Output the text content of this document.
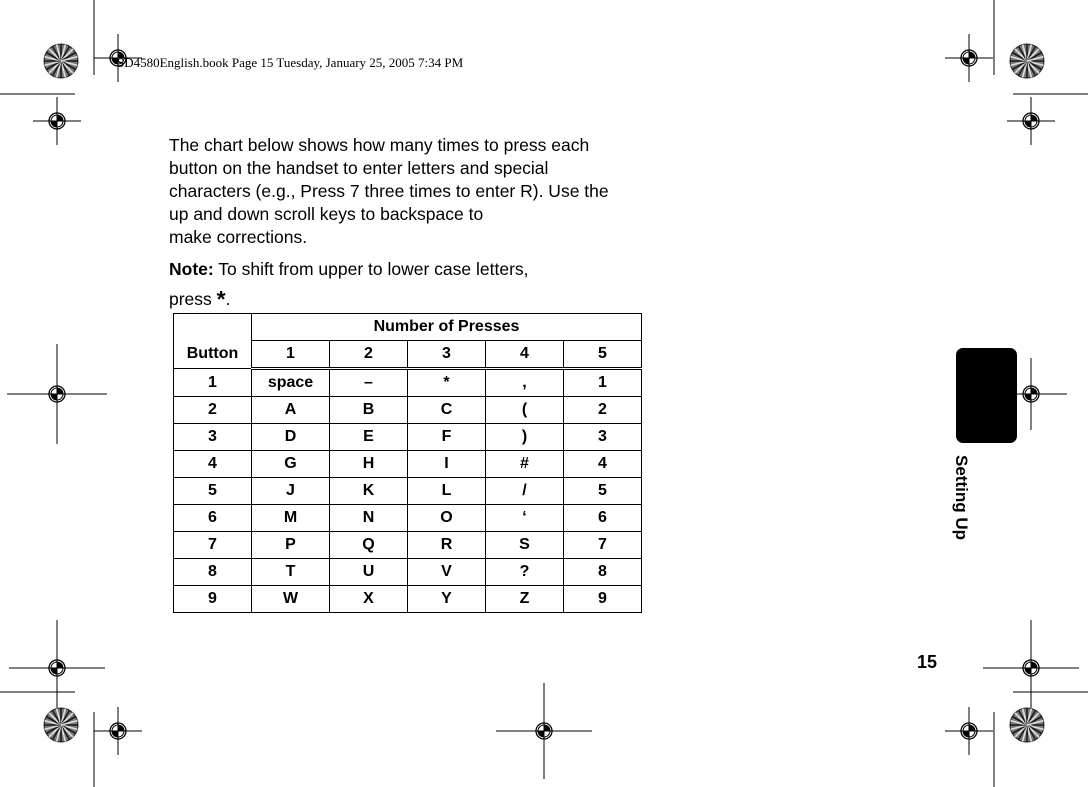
SD4580English.book Page 15 Tuesday, January 25, 2005 7:34 PM

The chart below shows how many times to press each

button on the handset to enter letters and special

characters (e.g., Press 7 three times to enter R). Use the

up and down scroll keys to backspace to

make corrections.

Note: To shift from upper to lower case letters,
press *.
Button	Number of Presses				
	1	2	3	4	5
1	space	–	*	,	1
2	A	B	C	(	2
3	D	E	F	)	3
4	G	H	I	#	4
5	J	K	L	/	5
6	M	N	O	‘	6
7	P	Q	R	S	7
8	T	U	V	?	8
9	W	X	Y	Z	9
Setting Up
15
